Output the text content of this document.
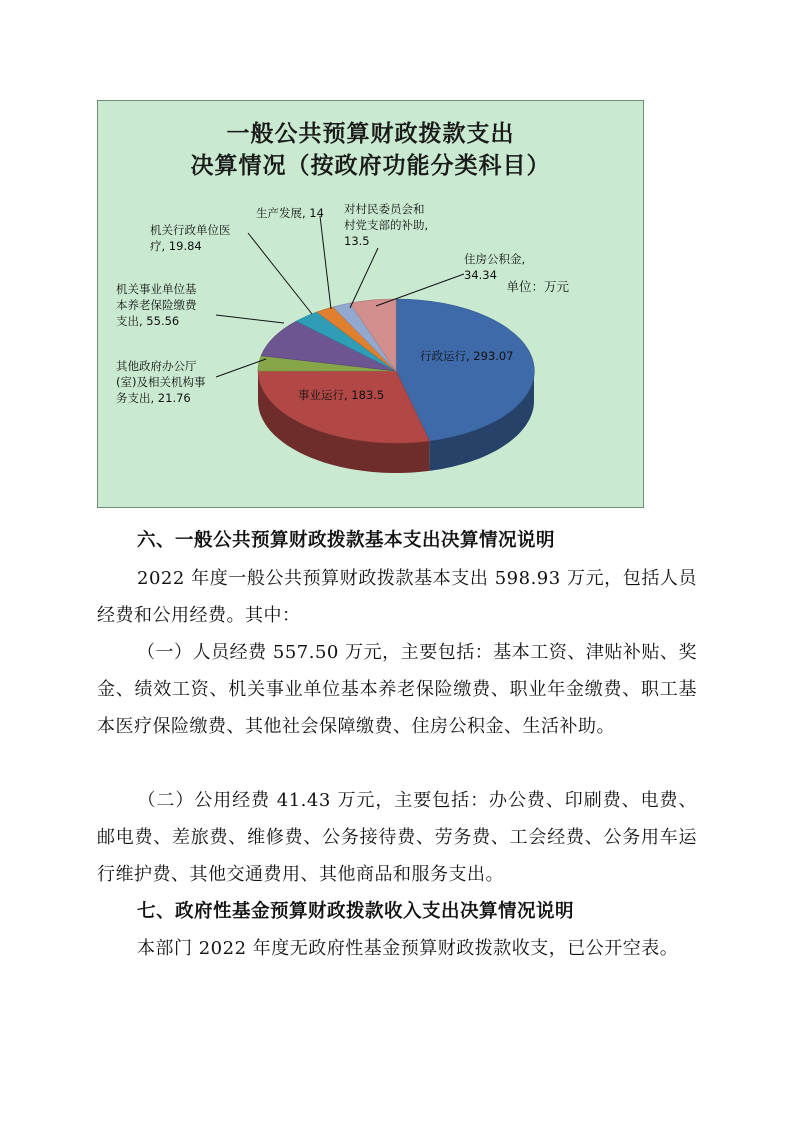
一般公共预算财政拨款支出
决算情况（按政府功能分类科目）
单位：万元
行政运行, 293.07
事业运行, 183.5
其他政府办公厅
(室)及相关机构事
务支出, 21.76
机关事业单位基
本养老保险缴费
支出, 55.56
机关行政单位医
疗, 19.84
生产发展, 14 对村民委员会和
村党支部的补助,
13.5
住房公积金,
34.34
六、一般公共预算财政拨款基本支出决算情况说明
2022 年度一般公共预算财政拨款基本支出 598.93 万元，包括人员经费和公用经费。其中：
（一）人员经费 557.50 万元，主要包括：基本工资、津贴补贴、奖金、绩效工资、机关事业单位基本养老保险缴费、职业年金缴费、职工基本医疗保险缴费、其他社会保障缴费、住房公积金、生活补助。
（二）公用经费 41.43 万元，主要包括：办公费、印刷费、电费、邮电费、差旅费、维修费、公务接待费、劳务费、工会经费、公务用车运行维护费、其他交通费用、其他商品和服务支出。
七、政府性基金预算财政拨款收入支出决算情况说明
本部门 2022 年度无政府性基金预算财政拨款收支，已公开空表。
